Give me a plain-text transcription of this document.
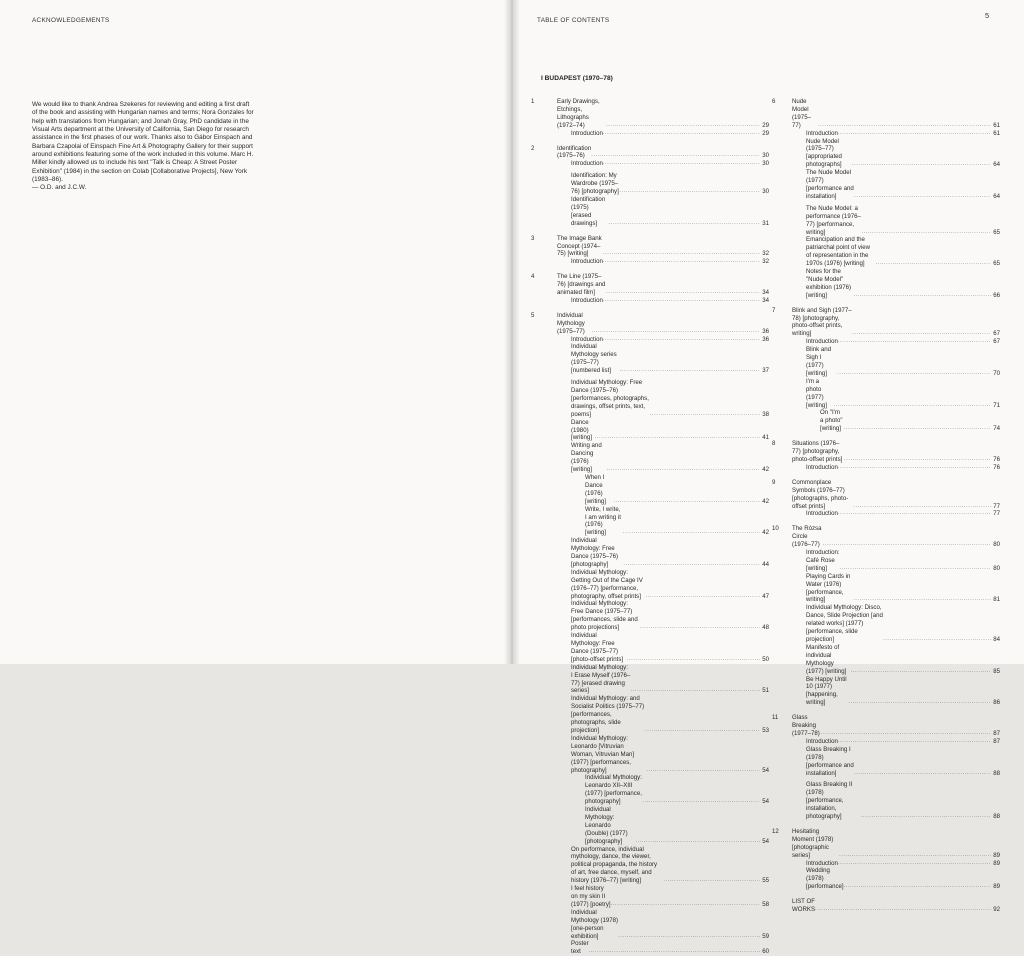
ACKNOWLEDGEMENTS

We would like to thank Andrea Szekeres for reviewing and editing a first draft of the book and assisting with Hungarian names and terms; Nora Gonzales for help with translations from Hungarian; and Jonah Gray, PhD candidate in the Visual Arts department at the University of California, San Diego for research assistance in the first phases of our work. Thanks also to Gábor Einspach and Barbara Czapolai of Einspach Fine Art & Photography Gallery for their support around exhibitions featuring some of the work included in this volume. Marc H. Miller kindly allowed us to include his text "Talk is Cheap: A Street Poster Exhibition" (1984) in the section on Colab [Collaborative Projects], New York (1983–86).

— O.D. and J.C.W.

TABLE OF CONTENTS
5
I BUDAPEST (1970–78)
1	Early Drawings, Etchings, Lithographs (1972–74) .....	29
Introduction .....	29
2	Identification (1975–76) .....	30
Introduction .....	30
Identification: My Wardrobe (1975–76) [photography] .....	30
Identification (1975) [erased drawings] .....	31
3	The Image Bank Concept (1974–75) [writing] .....	32
Introduction .....	32
4	The Line (1975–76) [drawings and animated film] .....	34
Introduction .....	34
5	Individual Mythology (1975–77) .....	36
Introduction .....	36
Individual Mythology series (1975–77) [numbered list] .....	37
Individual Mythology: Free Dance (1975–76) [performances, photographs, drawings, offset prints, text, poems] .....	38
Dance (1980) [writing] .....	41
Writing and Dancing (1976) [writing] .....	42
When I Dance (1976) [writing] .....	42
Write, I write, I am writing it (1976) [writing] .....	42
Individual Mythology: Free Dance (1975–76) [photography] .....	44
Individual Mythology: Getting Out of the Cage IV (1976–77) [performance, photography, offset prints] .....	47
Individual Mythology: Free Dance (1975–77) [performances, slide and photo projections] .....	48
Individual Mythology: Free Dance (1975–77) [photo-offset prints] .....	50
Individual Mythology: I Erase Myself (1976–77) [erased drawing series] .....	51
Individual Mythology: and Socialist Politics (1975–77) [performances, photographs, slide projection] .....	53
Individual Mythology: Leonardo [Vitruvian Woman, Vitruvian Man] (1977) [performances, photography] .....	54
Individual Mythology: Leonardo XII–XIII (1977) [performance, photography] .....	54
Individual Mythology: Leonardo (Double) (1977) [photography] .....	54
On performance, individual mythology, dance, the viewer, political propaganda, the history of art, free dance, myself, and history (1976–77) [writing] .....	55
I feel history on my skin II (1977) [poetry] .....	58
Individual Mythology (1978) [one-person exhibition] .....	59
Poster text .....	60
6	Nude Model (1975–77) .....	61
Introduction .....	61
Nude Model (1975–77) [appropriated photographs] .....	64
The Nude Model (1977) [performance and installation] .....	64
The Nude Model: a performance (1976–77) [performance, writing] .....	65
Emancipation and the patriarchal point of view of representation in the 1970s (1976) [writing] .....	65
Notes for the "Nude Model" exhibition (1976) [writing] .....	66
7	Blink and Sigh (1977–78) [photography, photo-offset prints, writing] .....	67
Introduction .....	67
Blink and Sigh I (1977) [writing] .....	70
I'm a photo (1977) [writing] .....	71
On "I'm a photo" [writing] .....	74
8	Situations (1976–77) [photography, photo-offset prints] .....	76
Introduction .....	76
9	Commonplace Symbols (1976–77) [photographs, photo-offset prints] .....	77
Introduction .....	77
10	The Rózsa Circle (1976–77) .....	80
Introduction: Café Rose [writing] .....	80
Playing Cards in Water (1976) [performance, writing] .....	81
Individual Mythology: Disco, Dance, Slide Projection [and related works] (1977) [performance, slide projection] .....	84
Manifesto of individual Mythology (1977) [writing] .....	85
Be Happy Until 10 (1977) [happening, writing] .....	86
11	Glass Breaking (1977–78) .....	87
Introduction .....	87
Glass Breaking I (1978) [performance and installation] .....	88
Glass Breaking II (1978) [performance, installation, photography] .....	88
12	Hesitating Moment (1978) [photographic series] .....	89
Introduction .....	89
Wedding (1978) [performance] .....	89
LIST OF WORKS .....	92
